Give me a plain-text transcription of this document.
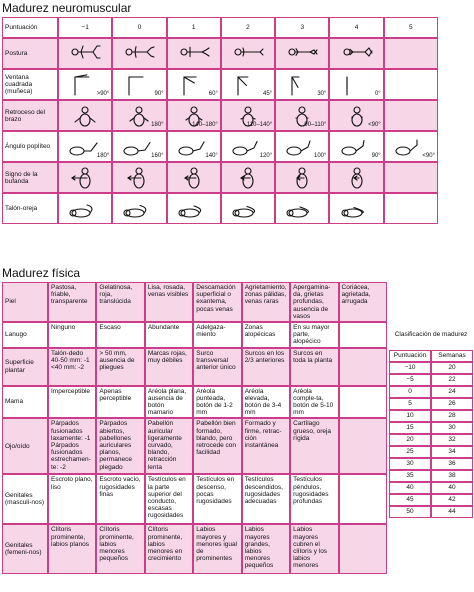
Madurez neuromuscular
Puntuación	−1	0	1	2	3	4	5
Postura	

Ventana cuadrada (muñeca)	>90°	90°	60°	45°	30°	0°	

Retroceso del brazo		180°	140–180°	110–140°	90–110°	<90°	

Ángulo poplíteo	180°	160°	140°	120°	100°	90°	<90°

Signo de la bufanda	

Talón-oreja	

Madurez física
Piel	Pastosa, friable, transparente	Gelatinosa, roja, translúcida	Lisa, rosada, venas visibles	Descamación superficial o exantema, pocas venas	Agrietamiento, zonas pálidas, venas raras	Apergamina-da, grietas profundas, ausencia de vasos	Coriácea, agrietada, arrugada
Lanugo	Ninguno	Escaso	Abundante	Adelgaza-miento	Zonas alopécicas	En su mayor parte, alopécico	
Superficie plantar	Talón-dedo 40-50 mm: -1 <40 mm: -2	> 50 mm, ausencia de pliegues	Marcas rojas, muy débiles	Surco transversal anterior único	Surcos en los 2/3 anteriores	Surcos en toda la planta	
Mama	Imperceptible	Apenas perceptible	Aréola plana, ausencia de botón mamario	Aréola punteada, botón de 1-2 mm	Aréola elevada, botón de 3-4 mm	Aréola comple-ta, botón de 5-10 mm	
Ojo/oído	Párpados fusionados laxamente: -1 Párpados fusionados estrechamen-te: -2	Párpados abiertos, pabellones auriculares planos, permanece plegado	Pabellón auricular ligeramente curvado, blando, retracción lenta	Pabellón bien formado, blando, pero retrocede con facilidad	Formado y firme, retrac-ción instantánea	Cartílago grueso, oreja rígida	
Genitales (masculi-nos)	Escroto plano, liso	Escroto vacío, rugosidades finas	Testículos en la parte superior del conducto, escasas rugosidades	Testículos en descenso, pocas rugosidades	Testículos descendidos, rugosidades adecuadas	Testículos péndulos, rugosidades profundas	
Genitales (femeni-nos)	Clítoris prominente, labios planos	Clítoris prominente, labios menores pequeños	Clítoris prominente, labios menores en crecimiento	Labios mayores y menores igual de prominentes	Labios mayores grandes, labios menores pequeños	Labios mayores cubren el clítoris y los labios menores	
Clasificación de madurez
Puntuación	Semanas
−10	20
−5	22
0	24
5	26
10	28
15	30
20	32
25	34
30	36
35	38
40	40
45	42
50	44
